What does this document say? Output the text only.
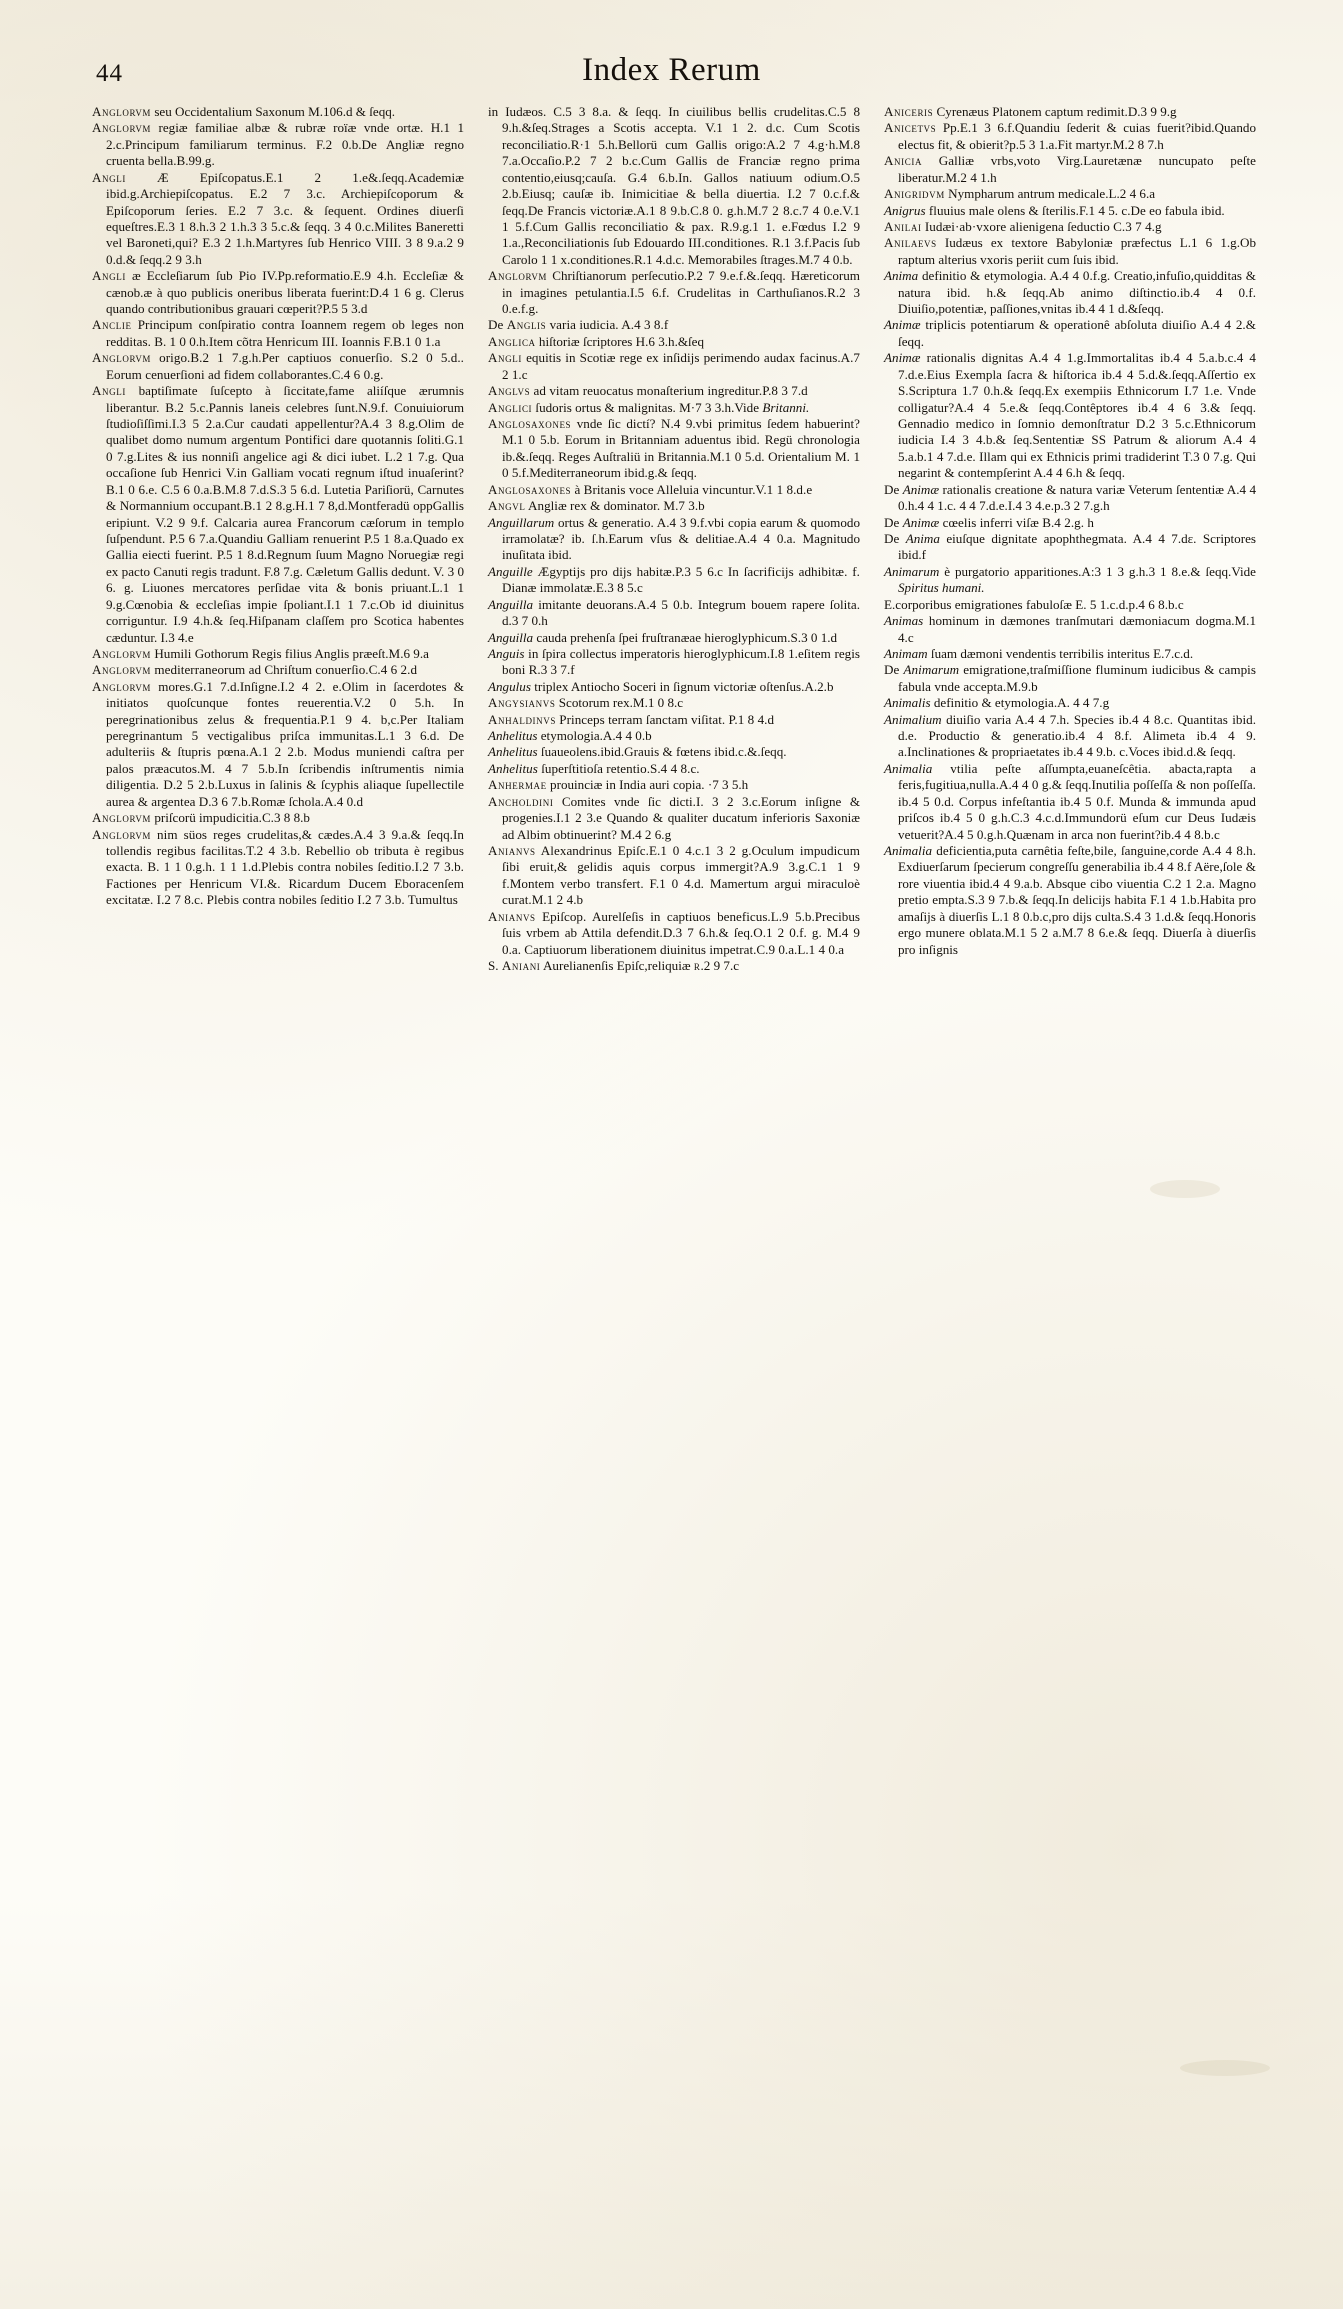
44	Index Rerum

Anglorvm seu Occidentalium Saxonum M.106.d & ſeqq.

Anglorvm regiæ familiae albæ & rubræ roïæ vnde ortæ. H.1 1 2.c.Principum familiarum terminus. F.2 0.b.De Angliæ regno cruenta bella.B.99.g.

Angli Æ Epiſcopatus.E.1 2 1.e&.ſeqq.Academiæ ibid.g.Archiepiſcopatus. E.2 7 3.c. Archiepiſcoporum & Epiſcoporum ſeries. E.2 7 3.c. & ſequent. Ordines diuerſi equeſtres.E.3 1 8.h.3 2 1.h.3 3 5.c.& ſeqq. 3 4 0.c.Milites Baneretti vel Baroneti,qui? E.3 2 1.h.Martyres ſub Henrico VIII. 3 8 9.a.2 9 0.d.& ſeqq.2 9 3.h

Angli æ Eccleſiarum ſub Pio IV.Pp.reformatio.E.9 4.h. Eccleſiæ & cænob.æ à quo publicis oneribus liberata fuerint:D.4 1 6 g. Clerus quando contributionibus grauari cœperit?P.5 5 3.d

Anclie Principum conſpiratio contra Ioannem regem ob leges non redditas. B. 1 0 0.h.Item cõtra Henricum III. Ioannis F.B.1 0 1.a

Anglorvm origo.B.2 1 7.g.h.Per captiuos conuerſio. S.2 0 5.d.. Eorum cenuerſioni ad fidem collaborantes.C.4 6 0.g.

Angli baptiſimate ſuſcepto à ſiccitate,fame aliíſque ærumnis liberantur. B.2 5.c.Pannis laneis celebres ſunt.N.9.f. Conuiuiorum ſtudioſiſſimi.I.3 5 2.a.Cur caudati appellentur?A.4 3 8.g.Olim de qualibet domo numum argentum Pontifici dare quotannis ſoliti.G.1 0 7.g.Lites & ius nonniſi angelice agi & dici iubet. L.2 1 7.g. Qua occaſione ſub Henrici V.in Galliam vocati regnum iſtud inuaſerint?B.1 0 6.e. C.5 6 0.a.B.M.8 7.d.S.3 5 6.d. Lutetia Pariſiorü, Carnutes & Normannium occupant.B.1 2 8.g.H.1 7 8,d.Montferadü oppGallis eripiunt. V.2 9 9.f. Calcaria aurea Francorum cæſorum in templo ſuſpendunt. P.5 6 7.a.Quandiu Galliam renuerint P.5 1 8.a.Quado ex Gallia eiecti fuerint. P.5 1 8.d.Regnum ſuum Magno Noruegiæ regi ex pacto Canuti regis tradunt. F.8 7.g. Cæletum Gallis dedunt. V. 3 0 6. g. Liuones mercatores perſidae vita & bonis priuant.L.1 1 9.g.Cœnobia & eccleſias impie ſpoliant.I.1 1 7.c.Ob id diuinitus corriguntur. I.9 4.h.& ſeq.Hiſpanam claſſem pro Scotica habentes cæduntur. I.3 4.e

Anglorvm Humili Gothorum Regis filius Anglis præeſt.M.6 9.a

Anglorvm mediterraneorum ad Chriſtum conuerſio.C.4 6 2.d

Anglorvm mores.G.1 7.d.Inſigne.I.2 4 2. e.Olim in ſacerdotes & initiatos quoſcunque fontes reuerentia.V.2 0 5.h. In peregrinationibus zelus & frequentia.P.1 9 4. b,c.Per Italiam peregrinantum 5 vectigalibus priſca immunitas.L.1 3 6.d. De adulteriis & ſtupris pœna.A.1 2 2.b. Modus muniendi caſtra per palos præacutos.M. 4 7 5.b.In ſcribendis inſtrumentis nimia diligentia. D.2 5 2.b.Luxus in ſalinis & ſcyphis aliaque ſupellectile aurea & argentea D.3 6 7.b.Romæ ſchola.A.4 0.d

Anglorvm priſcorü impudicitia.C.3 8 8.b

Anglorvm nim süos reges crudelitas,& cædes.A.4 3 9.a.& ſeqq.In tollendis regibus facilitas.T.2 4 3.b. Rebellio ob tributa è regibus exacta. B. 1 1 0.g.h. 1 1 1.d.Plebis contra nobiles ſeditio.I.2 7 3.b. Factiones per Henricum VI.&. Ricardum Ducem Eboracenſem excitatæ. I.2 7 8.c. Plebis contra nobiles ſeditio I.2 7 3.b. Tumultus

in Iudæos. C.5 3 8.a. & ſeqq. In ciuilibus bellis crudelitas.C.5 8 9.h.&ſeq.Strages a Scotis accepta. V.1 1 2. d.c. Cum Scotis reconciliatio.R·1 5.h.Bellorü cum Gallis origo:A.2 7 4.g·h.M.8 7.a.Occaſio.P.2 7 2 b.c.Cum Gallis de Franciæ regno prima contentio,eiusq;cauſa. G.4 6.b.In. Gallos natiuum odium.O.5 2.b.Eiusq; cauſæ ib. Inimicitiae & bella diuertia. I.2 7 0.c.f.& ſeqq.De Francis victoriæ.A.1 8 9.b.C.8 0. g.h.M.7 2 8.c.7 4 0.e.V.1 1 5.f.Cum Gallis reconciliatio & pax. R.9.g.1 1. e.Fœdus I.2 9 1.a.,Reconciliationis ſub Edouardo III.conditiones. R.1 3.f.Pacis ſub Carolo 1 1 x.conditiones.R.1 4.d.c. Memorabiles ſtrages.M.7 4 0.b.

Anglorvm Chriſtianorum perſecutio.P.2 7 9.e.f.&.ſeqq. Hæreticorum in imagines petulantia.I.5 6.f. Crudelitas in Carthuſianos.R.2 3 0.e.f.g.

De Anglis varia iudicia. A.4 3 8.f

Anglica hiſtoriæ ſcriptores H.6 3.h.&ſeq

Angli equitis in Scotiæ rege ex inſidijs perimendo audax facinus.A.7 2 1.c

Anglvs ad vitam reuocatus monaſterium ingreditur.P.8 3 7.d

Anglici ſudoris ortus & malignitas. M·7 3 3.h.Vide Britanni.

Anglosaxones vnde ſic dictí? N.4 9.vbi primitus ſedem habuerint? M.1 0 5.b. Eorum in Britanniam aduentus ibid. Regü chronologia ib.&.ſeqq. Reges Auſtraliü in Britannia.M.1 0 5.d. Orientalium M. 1 0 5.f.Mediterraneorum ibid.g.& ſeqq.

Anglosaxones à Britanis voce Alleluia vincuntur.V.1 1 8.d.e

Angvl Angliæ rex & dominator. M.7 3.b

Anguillarum ortus & generatio. A.4 3 9.f.vbi copia earum & quomodo irramolatæ? ib. ſ.h.Earum vſus & delitiae.A.4 4 0.a. Magnitudo inuſitata ibid.

Anguille Ægyptijs pro dijs habitæ.P.3 5 6.c In ſacrificijs adhibitæ. f. Dianæ immolatæ.E.3 8 5.c

Anguilla imitante deuorans.A.4 5 0.b. Integrum bouem rapere ſolita. d.3 7 0.h

Anguilla cauda prehenſa ſpei fruſtranæae hieroglyphicum.S.3 0 1.d

Anguis in ſpira collectus imperatoris hieroglyphicum.I.8 1.eſitem regis boni R.3 3 7.f

Angulus triplex Antiocho Soceri in ſignum victoriæ oſtenſus.A.2.b

Angysianvs Scotorum rex.M.1 0 8.c

Anhaldinvs Princeps terram ſanctam viſitat. P.1 8 4.d

Anhelitus etymologia.A.4 4 0.b

Anhelitus ſuaueolens.ibid.Grauis & fœtens ibid.c.&.ſeqq.

Anhelitus ſuperſtitioſa retentio.S.4 4 8.c.

Anhermae prouinciæ in India auri copia. ·7 3 5.h

Ancholdini Comites vnde ſic dicti.I. 3 2 3.c.Eorum inſigne & progenies.I.1 2 3.e Quando & qualiter ducatum inferioris Saxoniæ ad Albim obtinuerint? M.4 2 6.g

Anianvs Alexandrinus Epiſc.E.1 0 4.c.1 3 2 g.Oculum impudicum ſibi eruit,& gelidis aquis corpus immergit?A.9 3.g.C.1 1 9 f.Montem verbo transfert. F.1 0 4.d. Mamertum argui miraculoè curat.M.1 2 4.b

Anianvs Epiſcop. Aurelſeſis in captiuos beneficus.L.9 5.b.Precibus ſuis vrbem ab Attila defendit.D.3 7 6.h.& ſeq.O.1 2 0.f. g. M.4 9 0.a. Captiuorum liberationem diuinitus impetrat.C.9 0.a.L.1 4 0.a

S. Aniani Aurelianenſis Epiſc,reliquiæ r.2 9 7.c

Aniceris Cyrenæus Platonem captum redimit.D.3 9 9.g

Anicetvs Pp.E.1 3 6.f.Quandiu ſederit & cuias fuerit?ibid.Quando electus fit, & obierit?p.5 3 1.a.Fit martyr.M.2 8 7.h

Anicia Galliæ vrbs,voto Virg.Lauretænæ nuncupato peſte liberatur.M.2 4 1.h

Anigridvm Nympharum antrum medicale.L.2 4 6.a

Anigrus fluuius male olens & ſterilis.F.1 4 5. c.De eo fabula ibid.

Anilai Iudæi·ab·vxore alienigena ſeductio C.3 7 4.g

Anilaevs Iudæus ex textore Babyloniæ præfectus L.1 6 1.g.Ob raptum alterius vxoris periit cum ſuis ibid.

Anima definitio & etymologia. A.4 4 0.f.g. Creatio,infuſio,quidditas & natura ibid. h.& ſeqq.Ab animo diſtinctio.ib.4 4 0.f. Diuiſio,potentiæ, paſſiones,vnitas ib.4 4 1 d.&ſeqq.

Animæ triplicis potentiarum & operationê abſoluta diuiſio A.4 4 2.& ſeqq.

Animæ rationalis dignitas A.4 4 1.g.Immortalitas ib.4 4 5.a.b.c.4 4 7.d.e.Eius Exempla ſacra & hiſtorica ib.4 4 5.d.&.ſeqq.Aſſertio ex S.Scriptura 1.7 0.h.& ſeqq.Ex exempiis Ethnicorum I.7 1.e. Vnde colligatur?A.4 4 5.e.& ſeqq.Contêptores ib.4 4 6 3.& ſeqq. Gennadio medico in ſomnio demonſtratur D.2 3 5.c.Ethnicorum iudicia I.4 3 4.b.& ſeq.Sententiæ SS Patrum & aliorum A.4 4 5.a.b.1 4 7.d.e. Illam qui ex Ethnicis primi tradiderint T.3 0 7.g. Qui negarint & contempſerint A.4 4 6.h & ſeqq.

De Animæ rationalis creatione & natura variæ Veterum ſententiæ A.4 4 0.h.4 4 1.c. 4 4 7.d.e.I.4 3 4.e.p.3 2 7.g.h

De Animæ cœelis inferri viſæ B.4 2.g. h

De Anima eiuſque dignitate apophthegmata. A.4 4 7.dε. Scriptores ibid.f

Animarum è purgatorio apparitiones.A:3 1 3 g.h.3 1 8.e.& ſeqq.Vide Spiritus humani.

E.corporibus emigrationes fabuloſæ E. 5 1.c.d.p.4 6 8.b.c

Animas hominum in dæmones tranſmutari dæmoniacum dogma.M.1 4.c

Animam ſuam dæmoni vendentis terribilis interitus E.7.c.d.

De Animarum emigratione,traſmiſſione fluminum iudicibus & campis fabula vnde accepta.M.9.b

Animalis definitio & etymologia.A. 4 4 7.g

Animalium diuiſio varia A.4 4 7.h. Species ib.4 4 8.c. Quantitas ibid. d.e. Productio & generatio.ib.4 4 8.f. Alimeta ib.4 4 9. a.Inclinationes & propriaetates ib.4 4 9.b. c.Voces ibid.d.& ſeqq.

Animalia vtilia peſte aſſumpta,euaneſcêtia. abacta,rapta a feris,fugitiua,nulla.A.4 4 0 g.& ſeqq.Inutilia poſſeſſa & non poſſeſſa. ib.4 5 0.d. Corpus infeſtantia ib.4 5 0.f. Munda & immunda apud priſcos ib.4 5 0 g.h.C.3 4.c.d.Immundorü eſum cur Deus Iudæis vetuerit?A.4 5 0.g.h.Quænam in arca non fuerint?ib.4 4 8.b.c

Animalia deficientia,puta carnêtia feſte,bile, ſanguine,corde A.4 4 8.h. Exdiuerſarum ſpecierum congreſſu generabilia ib.4 4 8.f Aëre,ſole & rore viuentia ibid.4 4 9.a.b. Absque cibo viuentia C.2 1 2.a. Magno pretio empta.S.3 9 7.b.& ſeqq.In delicijs habita F.1 4 1.b.Habita pro amaſijs à diuerſis L.1 8 0.b.c,pro dijs culta.S.4 3 1.d.& ſeqq.Honoris ergo munere oblata.M.1 5 2 a.M.7 8 6.e.& ſeqq. Diuerſa à diuerſis pro inſignis
